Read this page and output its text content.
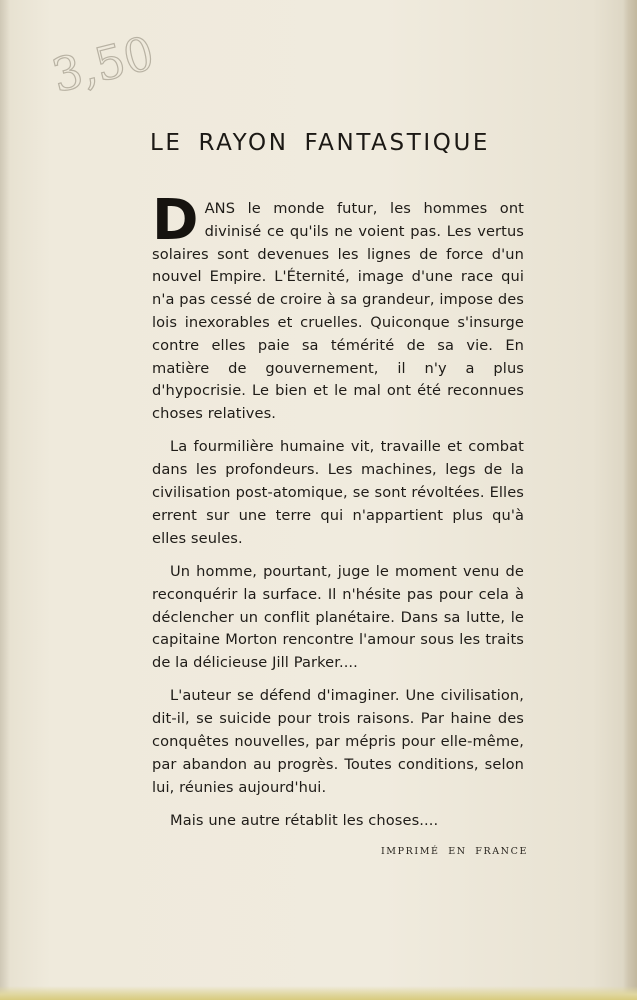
3,50
LE RAYON FANTASTIQUE

DANS le monde futur, les hommes ont divinisé ce qu'ils ne voient pas. Les vertus solaires sont devenues les lignes de force d'un nouvel Empire. L'Éternité, image d'une race qui n'a pas cessé de croire à sa grandeur, impose des lois inexorables et cruelles. Quiconque s'insurge contre elles paie sa témérité de sa vie. En matière de gouvernement, il n'y a plus d'hypocrisie. Le bien et le mal ont été reconnues choses relatives.

La fourmilière humaine vit, travaille et combat dans les profondeurs. Les machines, legs de la civilisation post-atomique, se sont révoltées. Elles errent sur une terre qui n'appartient plus qu'à elles seules.

Un homme, pourtant, juge le moment venu de reconquérir la surface. Il n'hésite pas pour cela à déclencher un conflit planétaire. Dans sa lutte, le capitaine Morton rencontre l'amour sous les traits de la délicieuse Jill Parker....

L'auteur se défend d'imaginer. Une civilisation, dit-il, se suicide pour trois raisons. Par haine des conquêtes nouvelles, par mépris pour elle-même, par abandon au progrès. Toutes conditions, selon lui, réunies aujourd'hui.

Mais une autre rétablit les choses....

IMPRIMÉ EN FRANCE
